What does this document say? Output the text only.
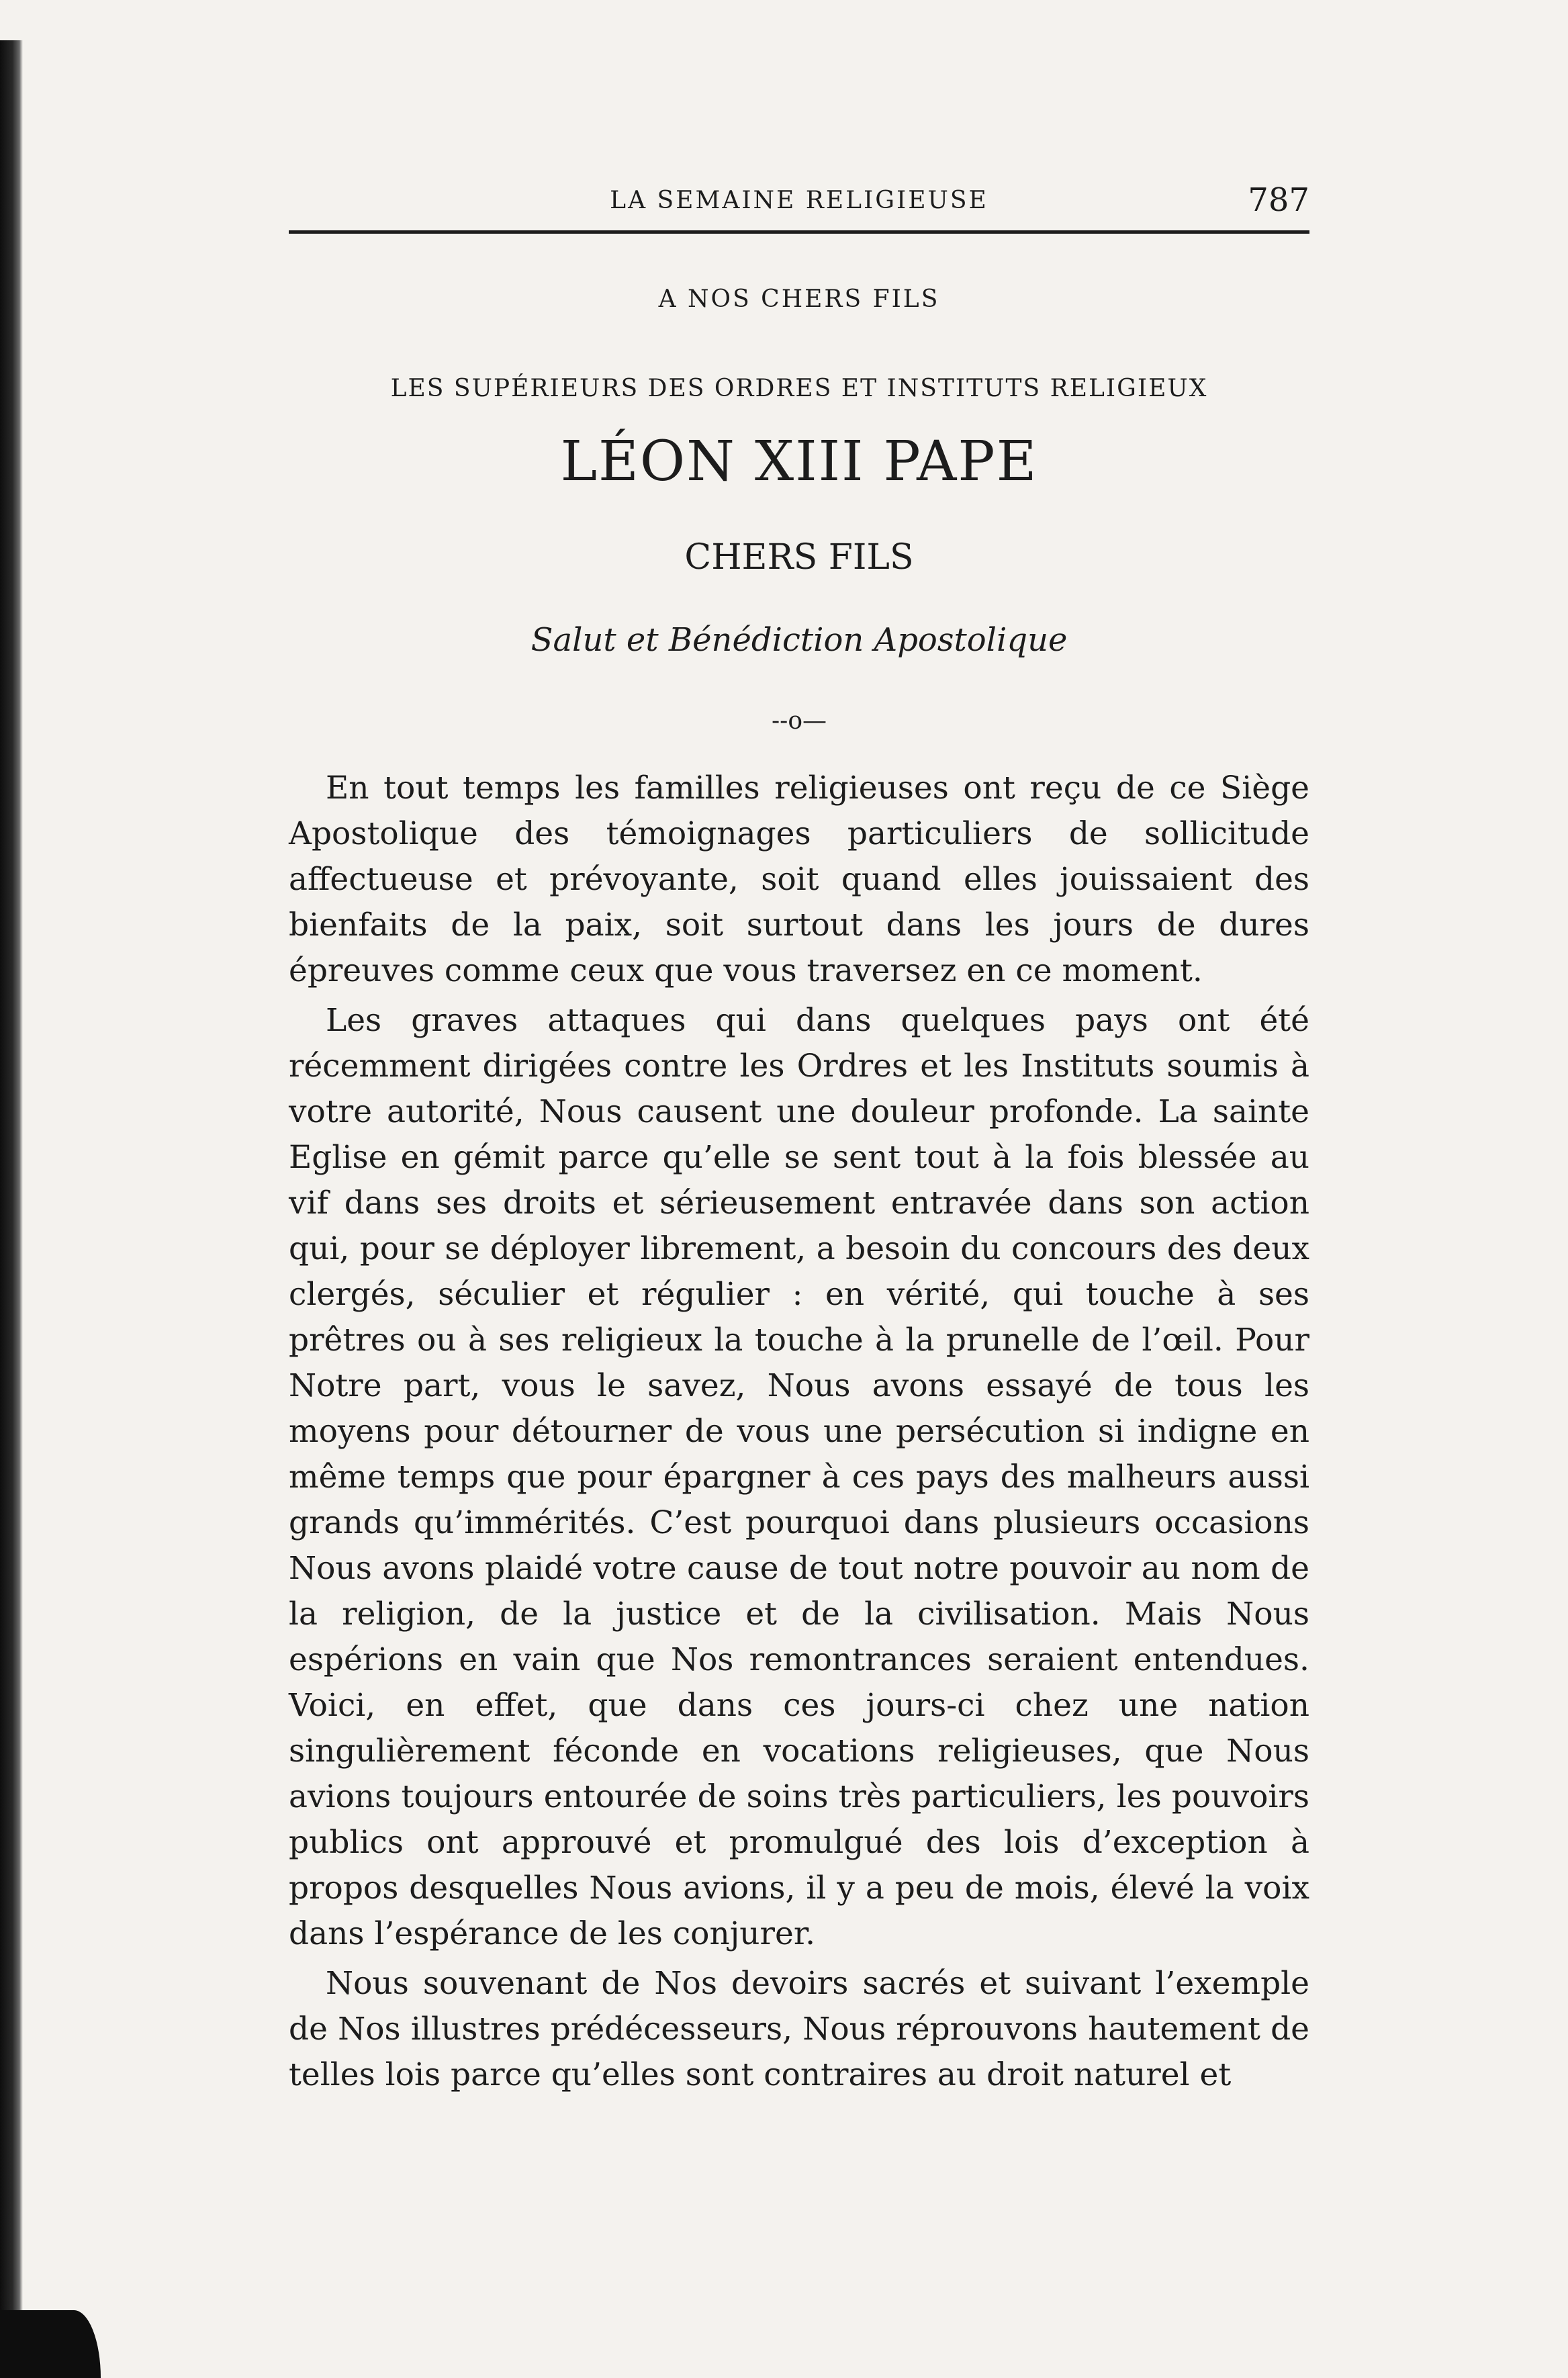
LA SEMAINE RELIGIEUSE	787
A NOS CHERS FILS
LES SUPÉRIEURS DES ORDRES ET INSTITUTS RELIGIEUX
LÉON XIII PAPE
CHERS FILS
Salut et Bénédiction Apostolique
--o—

En tout temps les familles religieuses ont reçu de ce Siège Apostolique des témoignages particuliers de sollicitude affectueuse et prévoyante, soit quand elles jouissaient des bienfaits de la paix, soit surtout dans les jours de dures épreuves comme ceux que vous traversez en ce moment.

Les graves attaques qui dans quelques pays ont été récemment dirigées contre les Ordres et les Instituts soumis à votre autorité, Nous causent une douleur profonde. La sainte Eglise en gémit parce qu’elle se sent tout à la fois blessée au vif dans ses droits et sérieusement entravée dans son action qui, pour se déployer librement, a besoin du concours des deux clergés, séculier et régulier : en vérité, qui touche à ses prêtres ou à ses religieux la touche à la prunelle de l’œil. Pour Notre part, vous le savez, Nous avons essayé de tous les moyens pour détourner de vous une persécution si indigne en même temps que pour épargner à ces pays des malheurs aussi grands qu’immérités. C’est pourquoi dans plusieurs occasions Nous avons plaidé votre cause de tout notre pouvoir au nom de la religion, de la justice et de la civilisation. Mais Nous espérions en vain que Nos remontrances seraient entendues. Voici, en effet, que dans ces jours-ci chez une nation singulièrement féconde en vocations religieuses, que Nous avions toujours entourée de soins très particuliers, les pouvoirs publics ont approuvé et promulgué des lois d’exception à propos desquelles Nous avions, il y a peu de mois, élevé la voix dans l’espérance de les conjurer.

Nous souvenant de Nos devoirs sacrés et suivant l’exemple de Nos illustres prédécesseurs, Nous réprouvons hautement de telles lois parce qu’elles sont contraires au droit naturel et
